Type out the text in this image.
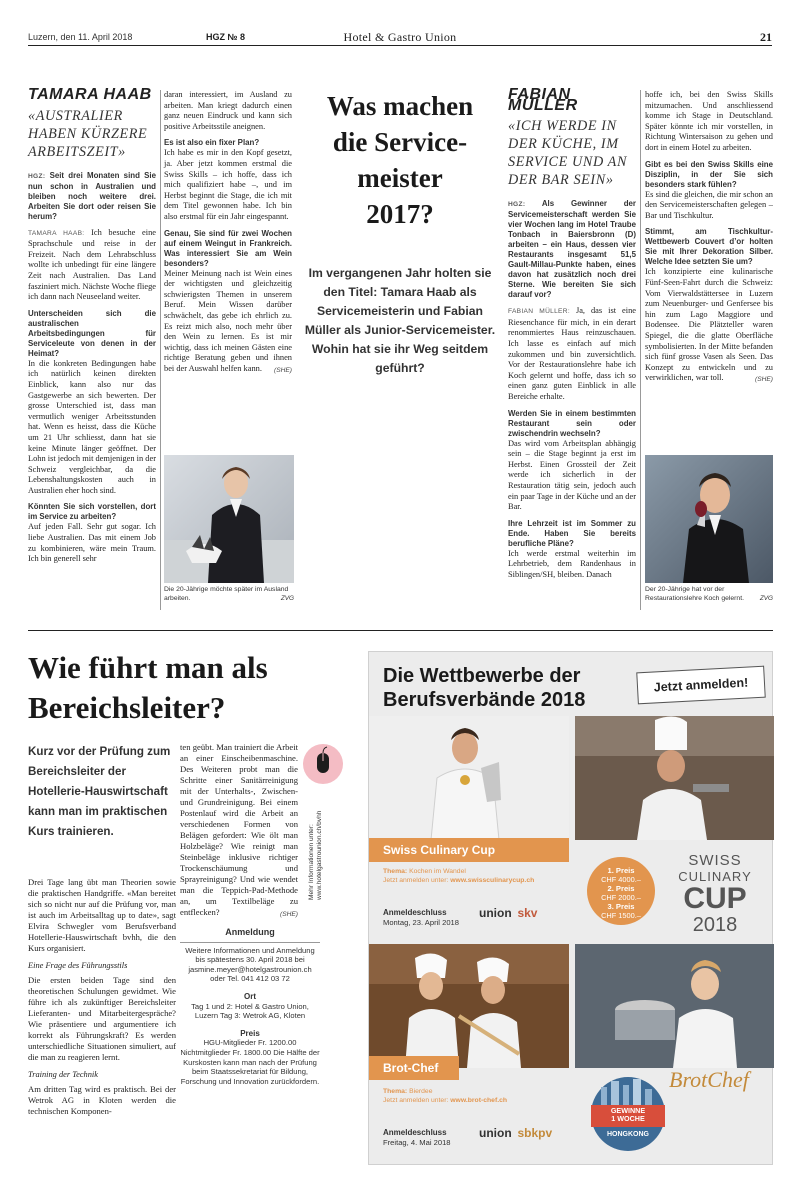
Luzern, den 11. April 2018	HGZ № 8	Hotel & Gastro Union	21
TAMARA HAAB
«AUSTRALIER HABEN KÜRZERE ARBEITSZEIT»

HGZ: Seit drei Monaten sind Sie nun schon in Australien und bleiben noch weitere drei. Arbeiten Sie dort oder reisen Sie herum?

TAMARA HAAB: Ich besuche eine Sprachschule und reise in der Freizeit. Nach dem Lehrabschluss wollte ich unbedingt für eine längere Zeit nach Australien. Das Land fasziniert mich. Nächste Woche fliege ich dann nach Neuseeland weiter.

Unterscheiden sich die australischen Arbeitsbedingungen für Serviceleute von denen in der Heimat?

In die konkreten Bedingungen habe ich natürlich keinen direkten Einblick, kann also nur das Gastgewerbe an sich bewerten. Der grosse Unterschied ist, dass man vermutlich weniger Arbeitsstunden hat. Wenn es heisst, dass die Küche um 21 Uhr schliesst, dann hat sie keine Minute länger geöffnet. Der Lohn ist jedoch mit demjenigen in der Schweiz vergleichbar, da die Lebenshaltungskosten auch in Australien eher hoch sind.

Könnten Sie sich vorstellen, dort im Service zu arbeiten?

Auf jeden Fall. Sehr gut sogar. Ich liebe Australien. Das mit einem Job zu kombinieren, wäre mein Traum. Ich bin generell sehr

daran interessiert, im Ausland zu arbeiten. Man kriegt dadurch einen ganz neuen Eindruck und kann sich positive Arbeitsstile aneignen.

Es ist also ein fixer Plan?

Ich habe es mir in den Kopf gesetzt, ja. Aber jetzt kommen erstmal die Swiss Skills – ich hoffe, dass ich mich qualifiziert habe –, und im Herbst beginnt die Stage, die ich mit dem Titel gewonnen habe. Ich bin also erstmal für ein Jahr eingespannt.

Genau, Sie sind für zwei Wochen auf einem Weingut in Frankreich. Was interessiert Sie am Wein besonders?

Meiner Meinung nach ist Wein eines der wichtigsten und gleichzeitig schwierigsten Themen in unserem Beruf. Mein Wissen darüber schwächelt, das gebe ich ehrlich zu. Es reizt mich also, noch mehr über den Wein zu lernen. Es ist mir wichtig, dass ich meinen Gästen eine richtige Beratung geben und ihnen bei der Auswahl helfen kann. (SHE)

Die 20-Jährige möchte später im Ausland arbeiten.	ZVG
Was machen
die Service-
meister
2017?
Im vergangenen Jahr holten sie den Titel: Tamara Haab als Servicemeisterin und Fabian Müller als Junior-Servicemeister. Wohin hat sie ihr Weg seitdem geführt?
FABIAN MÜLLER
«ICH WERDE IN DER KÜCHE, IM SERVICE UND AN DER BAR SEIN»

HGZ: Als Gewinner der Servicemeisterschaft werden Sie vier Wochen lang im Hotel Traube Tonbach in Baiersbronn (D) arbeiten – ein Haus, dessen vier Restaurants insgesamt 51,5 Gault-Millau-Punkte haben, eines davon hat zusätzlich noch drei Sterne. Wie bereiten Sie sich darauf vor?

FABIAN MÜLLER: Ja, das ist eine Riesenchance für mich, in ein derart renommiertes Haus reinzuschauen. Ich lasse es einfach auf mich zukommen und bin zuversichtlich. Vor der Restaurationslehre habe ich Koch gelernt und hoffe, dass ich so einen ganz guten Einblick in alle Bereiche erhalte.

Werden Sie in einem bestimmten Restaurant sein oder zwischendrin wechseln?

Das wird vom Arbeitsplan abhängig sein – die Stage beginnt ja erst im Herbst. Einen Grossteil der Zeit werde ich sicherlich in der Restauration tätig sein, jedoch auch ein paar Tage in der Küche und an der Bar.

Ihre Lehrzeit ist im Sommer zu Ende. Haben Sie bereits berufliche Pläne?

Ich werde erstmal weiterhin im Lehrbetrieb, dem Randenhaus in Siblingen/SH, bleiben. Danach

hoffe ich, bei den Swiss Skills mitzumachen. Und anschliessend komme ich Stage in Deutschland. Später könnte ich mir vorstellen, in Richtung Wintersaison zu gehen und dort in einem Hotel zu arbeiten.

Gibt es bei den Swiss Skills eine Disziplin, in der Sie sich besonders stark fühlen?

Es sind die gleichen, die mir schon an den Servicemeisterschaften gelegen – Bar und Tischkultur.

Stimmt, am Tischkultur-Wettbewerb Couvert d’or holten Sie mit Ihrer Dekoration Silber. Welche Idee setzten Sie um?

Ich konzipierte eine kulinarische Fünf-Seen-Fahrt durch die Schweiz: Vom Vierwaldstättersee in Luzern zum Neuenburger- und Genfersee bis hin zum Lago Maggiore und Bodensee. Die Plätzteller waren Spiegel, die die glatte Oberfläche symbolisierten. In der Mitte befanden sich fünf grosse Vasen als Seen. Das Konzept zu entwickeln und zu verwirklichen, war toll.	(SHE)

Der 20-Jährige hat vor der Restaurationslehre Koch gelernt. ZVG
Wie führt man als
Bereichsleiter?
Kurz vor der Prüfung zum Bereichsleiter der Hotellerie-Hauswirtschaft kann man im praktischen Kurs trainieren.

Drei Tage lang übt man Theorien sowie die praktischen Handgriffe. «Man bereitet sich so nicht nur auf die Prüfung vor, man ist auch im Arbeitsalltag up to date», sagt Elvira Schwegler vom Berufsverband Hotellerie-Hauswirtschaft bvhh, die den Kurs organisiert.

Eine Frage des Führungsstils

Die ersten beiden Tage sind den theoretischen Schulungen gewidmet. Wie führe ich als zukünftiger Bereichsleiter Lieferanten- und Mitarbeitergespräche? Wie präsentiere und argumentiere ich korrekt als Führungskraft? Es werden unterschiedliche Situationen simuliert, auf die man zu reagieren lernt.

Training der Technik

Am dritten Tag wird es praktisch. Bei der Wetrok AG in Kloten werden die technischen Komponen-

ten geübt. Man trainiert die Arbeit an einer Einscheibenmaschine. Des Weiteren probt man die Schritte einer Sanitärreinigung mit der Unterhalts-, Zwischen- und Grundreinigung. Bei einem Postenlauf wird die Arbeit an verschiedenen Formen von Belägen gefordert: Wie ölt man Holzbeläge? Wie reinigt man Steinbeläge inklusive richtiger Trockenschäumung und Sprayreinigung? Und wie wendet man die Teppich-Pad-Methode an, um Textilbeläge zu entflecken?	(SHE)

Mehr Informationen unter: www.hotelgastrounion.ch/bvhh
Anmeldung
Weitere Informationen und Anmeldung bis spätestens 30. April 2018 bei jasmine.meyer@hotelgastrounion.ch oder Tel. 041 412 03 72
Ort
Tag 1 und 2: Hotel & Gastro Union, Luzern Tag 3: Wetrok AG, Kloten
Preis
HGU-Mitglieder Fr. 1200.00 Nichtmitglieder Fr. 1800.00 Die Hälfte der Kurskosten kann man nach der Prüfung beim Staatssekretariat für Bildung, Forschung und Innovation zurückfordern.
Die Wettbewerbe der
Berufsverbände 2018
Jetzt anmelden!
Swiss Culinary Cup
Thema: Kochen im Wandel
Jetzt anmelden unter: www.swissculinarycup.ch
Anmeldeschluss
Montag, 23. April 2018
union skv
1. Preis
CHF 4000.–
2. Preis
CHF 2000.–
3. Preis
CHF 1500.–
SWISS
CULINARY
CUP
2018
Brot-Chef
Thema: Bierdee
Jetzt anmelden unter: www.brot-chef.ch
Anmeldeschluss
Freitag, 4. Mai 2018
union sbkpv
GEWINNE
1 WOCHE
HONGKONG
BrotChef
